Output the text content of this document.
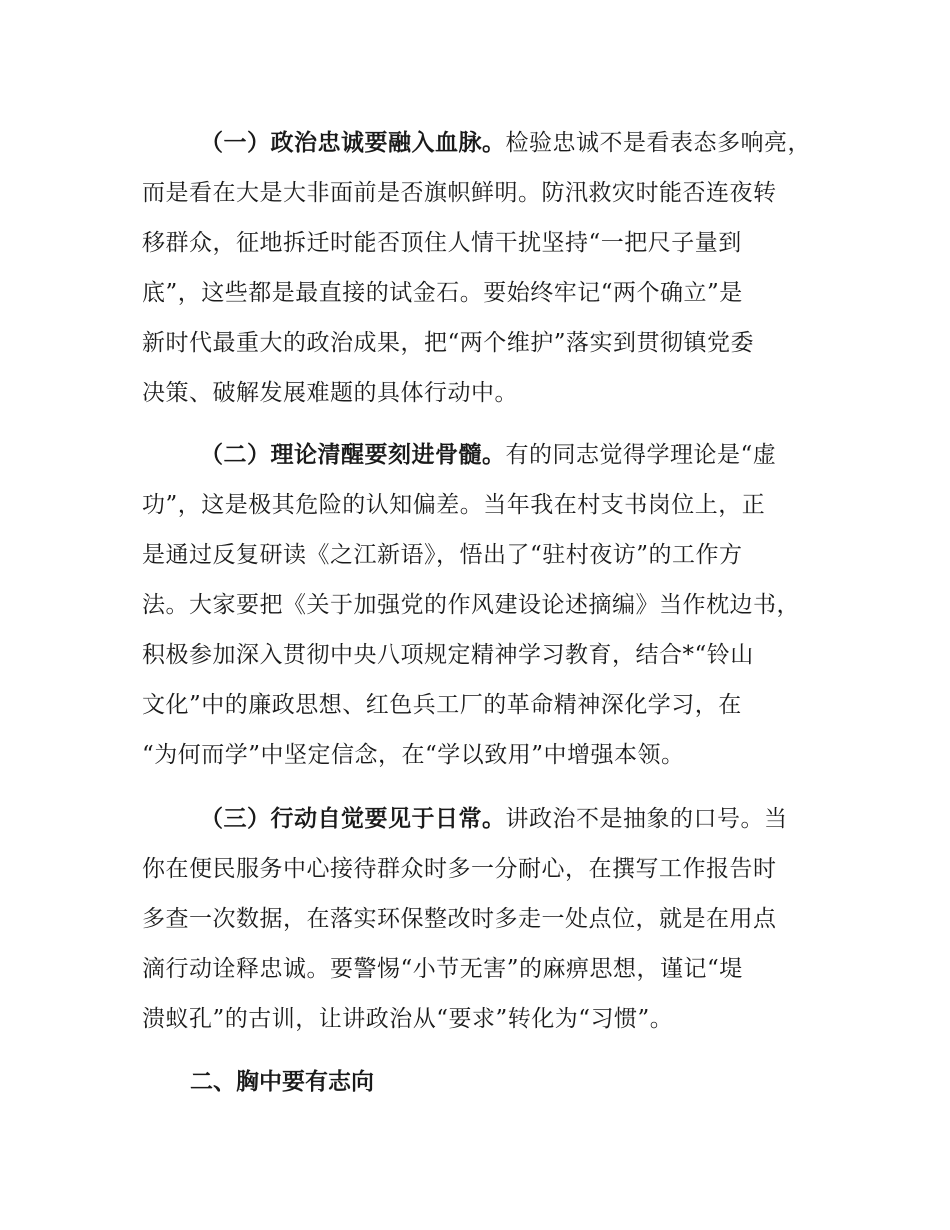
（一）政治忠诚要融入血脉。检验忠诚不是看表态多响亮，
而是看在大是大非面前是否旗帜鲜明。防汛救灾时能否连夜转
移群众，征地拆迁时能否顶住人情干扰坚持“一把尺子量到
底”，这些都是最直接的试金石。要始终牢记“两个确立”是
新时代最重大的政治成果，把“两个维护”落实到贯彻镇党委
决策、破解发展难题的具体行动中。
（二）理论清醒要刻进骨髓。有的同志觉得学理论是“虚
功”，这是极其危险的认知偏差。当年我在村支书岗位上，正
是通过反复研读《之江新语》，悟出了“驻村夜访”的工作方
法。大家要把《关于加强党的作风建设论述摘编》当作枕边书，
积极参加深入贯彻中央八项规定精神学习教育，结合*“铃山
文化”中的廉政思想、红色兵工厂的革命精神深化学习，在
“为何而学”中坚定信念，在“学以致用”中增强本领。
（三）行动自觉要见于日常。讲政治不是抽象的口号。当
你在便民服务中心接待群众时多一分耐心，在撰写工作报告时
多查一次数据，在落实环保整改时多走一处点位，就是在用点
滴行动诠释忠诚。要警惕“小节无害”的麻痹思想，谨记“堤
溃蚁孔”的古训，让讲政治从“要求”转化为“习惯”。
二、胸中要有志向
